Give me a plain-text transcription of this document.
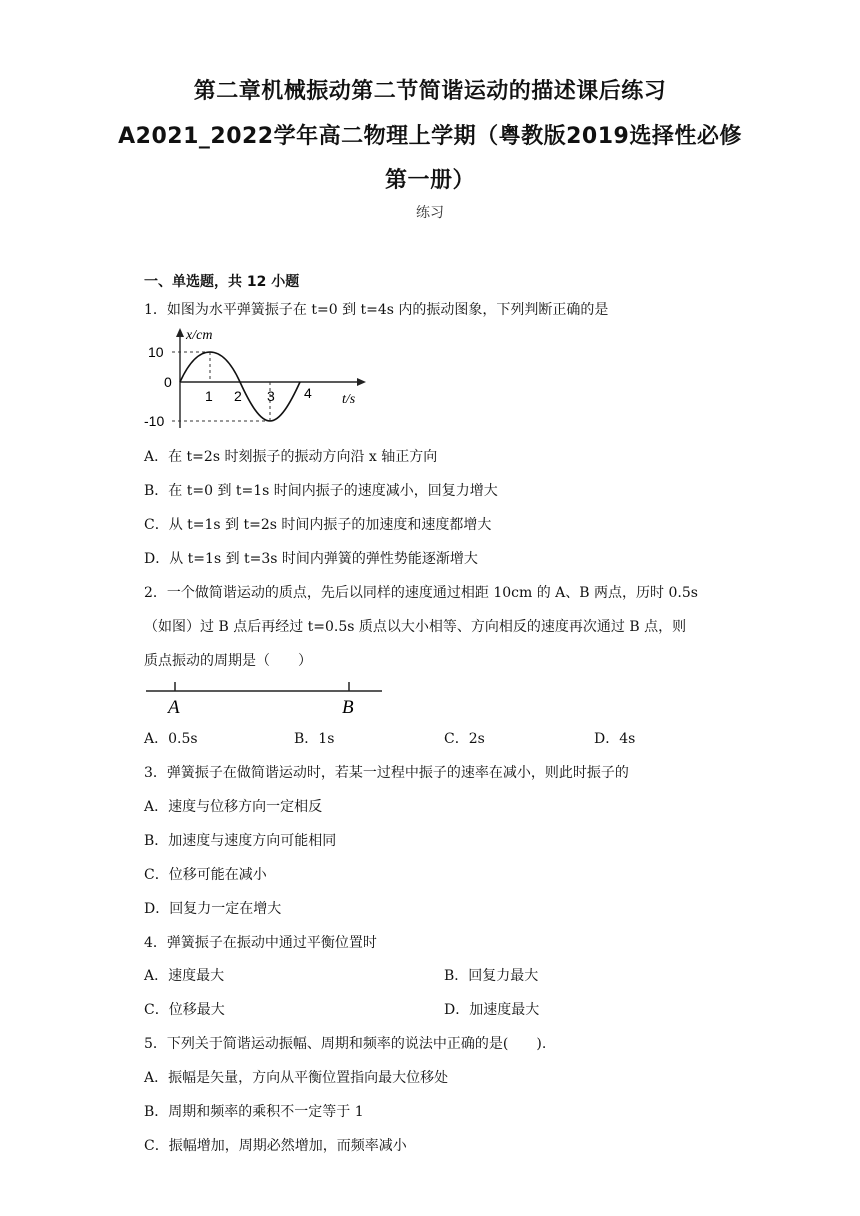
第二章机械振动第二节简谐运动的描述课后练习
A2021_2022学年高二物理上学期（粤教版2019选择性必修
第一册）
练习
一、单选题，共 12 小题
1．如图为水平弹簧振子在 t=0 到 t=4s 内的振动图象，下列判断正确的是
x/cm
t/s
10
0
-10
1 2 3 4
A．在 t=2s 时刻振子的振动方向沿 x 轴正方向
B．在 t=0 到 t=1s 时间内振子的速度减小，回复力增大
C．从 t=1s 到 t=2s 时间内振子的加速度和速度都增大
D．从 t=1s 到 t=3s 时间内弹簧的弹性势能逐渐增大
2．一个做简谐运动的质点，先后以同样的速度通过相距 10cm 的 A、B 两点，历时 0.5s
（如图）过 B 点后再经过 t=0.5s 质点以大小相等、方向相反的速度再次通过 B 点，则
质点振动的周期是（　　）
A	B
A．0.5s	B．1s	C．2s	D．4s
3．弹簧振子在做简谐运动时，若某一过程中振子的速率在减小，则此时振子的
A．速度与位移方向一定相反
B．加速度与速度方向可能相同
C．位移可能在减小
D．回复力一定在增大
4．弹簧振子在振动中通过平衡位置时
A．速度最大	B．回复力最大
C．位移最大	D．加速度最大
5．下列关于简谐运动振幅、周期和频率的说法中正确的是(　　).
A．振幅是矢量，方向从平衡位置指向最大位移处
B．周期和频率的乘积不一定等于 1
C．振幅增加，周期必然增加，而频率减小
